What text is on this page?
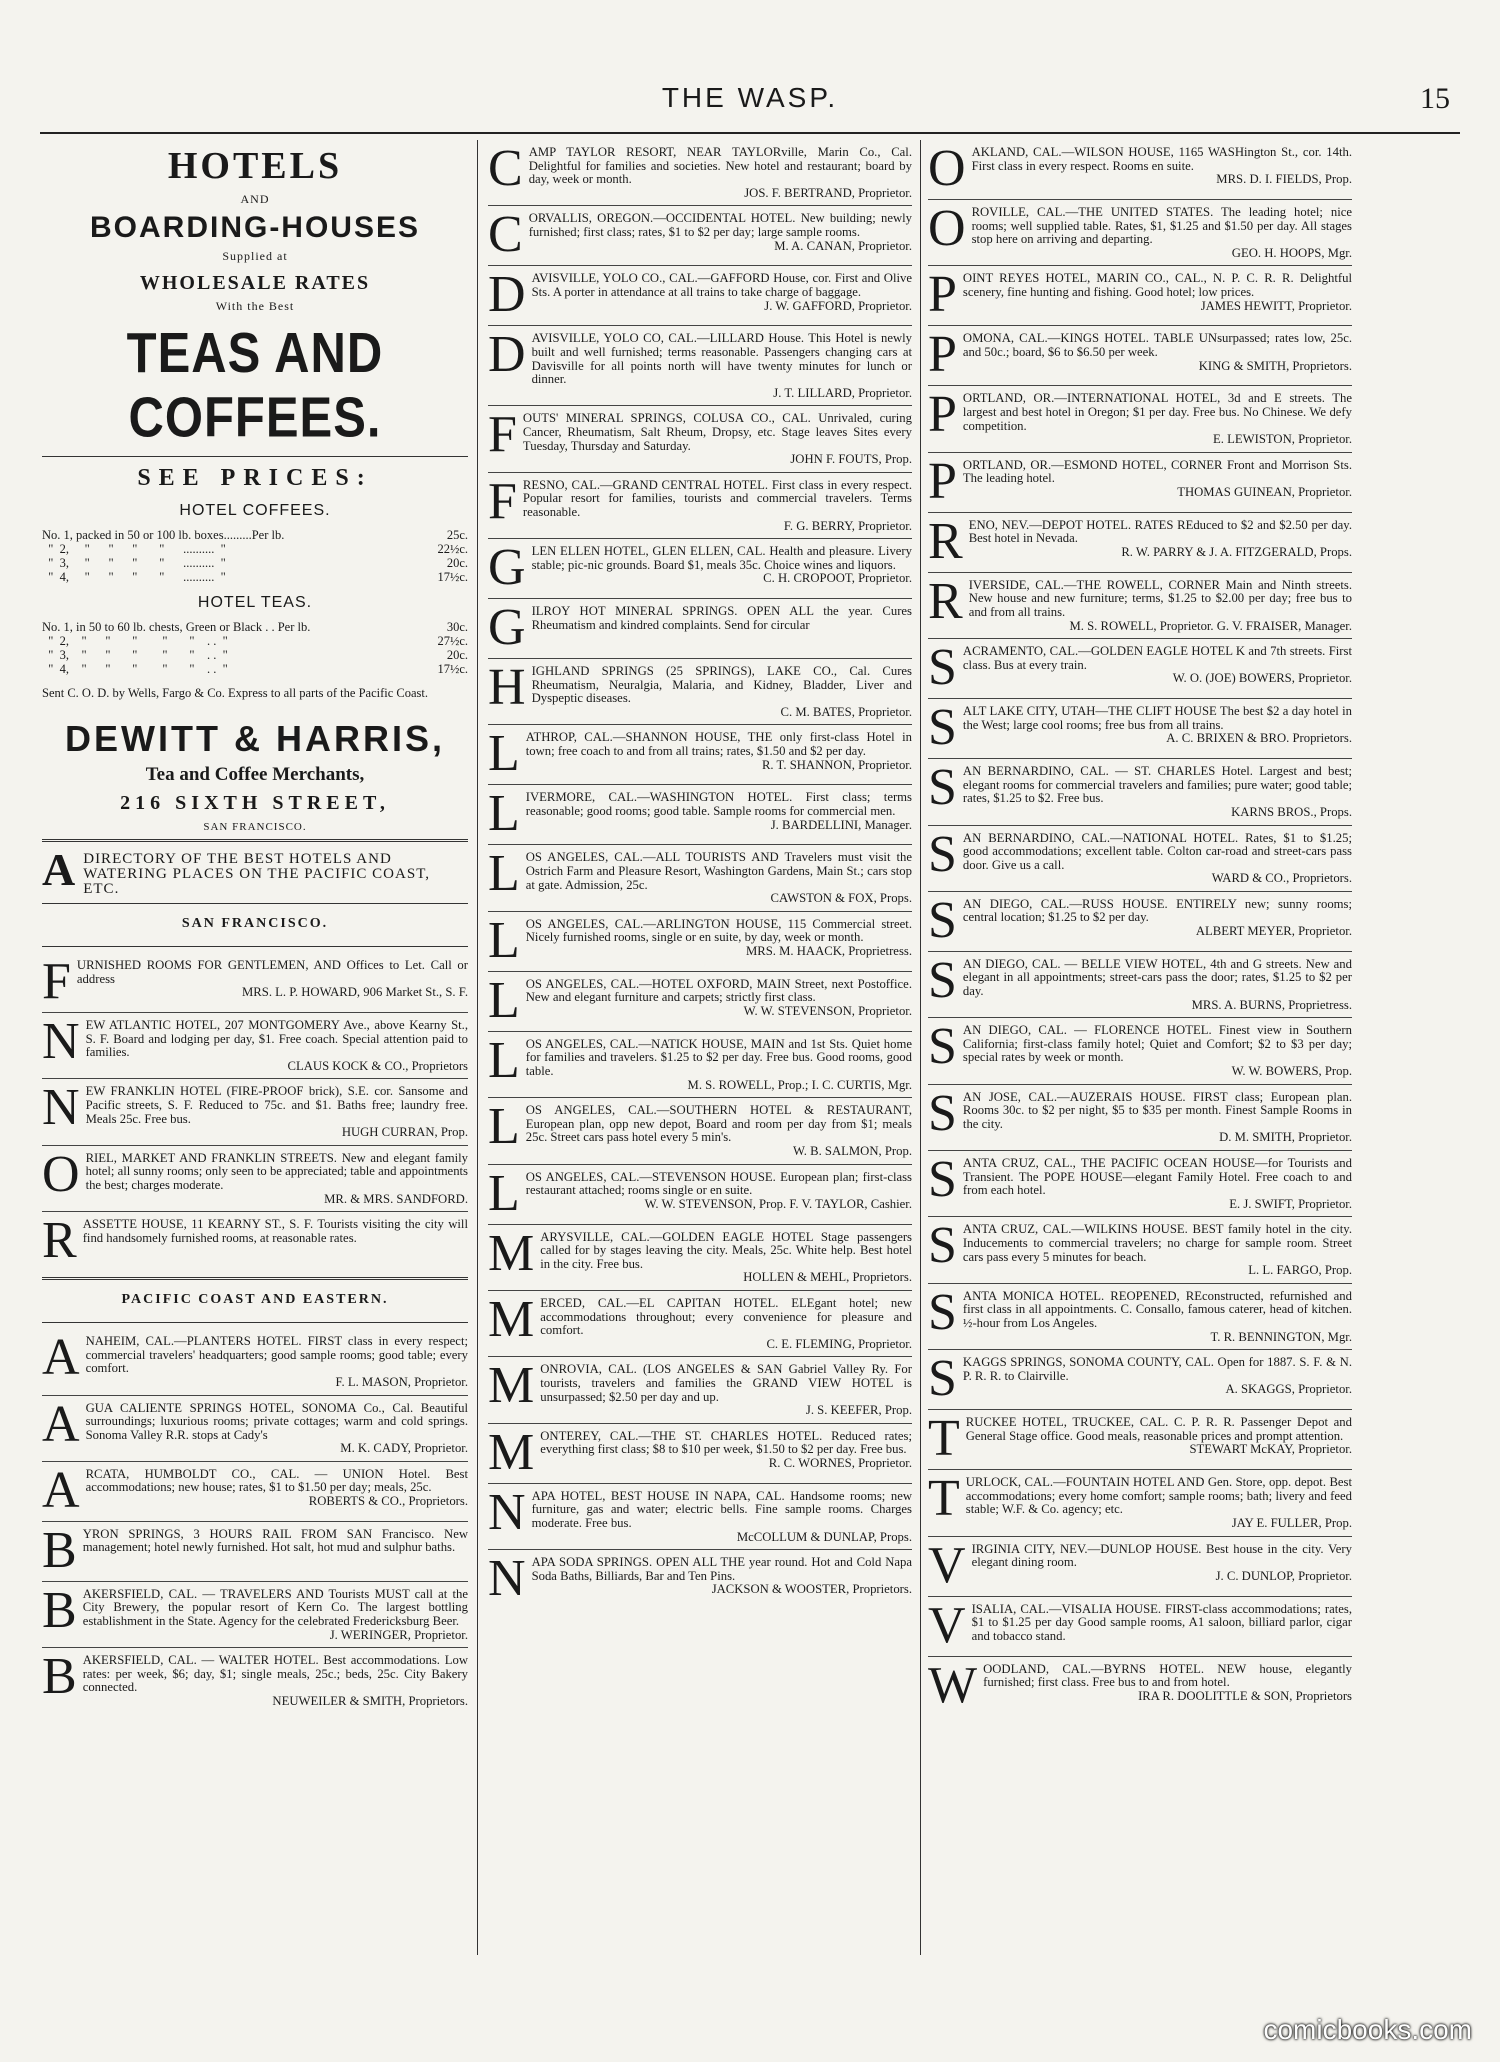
THE WASP.	15
HOTELS
AND
BOARDING-HOUSES
Supplied at
WHOLESALE RATES
With the Best
TEAS AND COFFEES.
SEE PRICES:
HOTEL COFFEES.
No. 1, packed in 50 or 100 lb. boxes.........Per lb.	25c.
"  2,     "      "      "       "      ..........  "	22½c.
"  3,     "      "      "       "      ..........  "	20c.
"  4,     "      "      "       "      ..........  "	17½c.
HOTEL TEAS.
No. 1, in 50 to 60 lb. chests, Green or Black . . Per lb.	30c.
"  2,    "      "       "        "       "    . .  "	27½c.
"  3,    "      "       "        "       "    . .  "	20c.
"  4,    "      "       "        "       "    . .  "	17½c.
Sent C. O. D. by Wells, Fargo & Co. Express to all parts of the Pacific Coast.
DEWITT & HARRIS,
Tea and Coffee Merchants,
216 SIXTH STREET,
SAN FRANCISCO.
A DIRECTORY OF THE BEST HOTELS AND WATERING PLACES ON THE PACIFIC COAST, ETC.
SAN FRANCISCO.
FURNISHED ROOMS FOR GENTLEMEN, AND Offices to Let. Call or address
MRS. L. P. HOWARD, 906 Market St., S. F.
NEW ATLANTIC HOTEL, 207 MONTGOMERY Ave., above Kearny St., S. F. Board and lodging per day, $1. Free coach. Special attention paid to families.
CLAUS KOCK & CO., Proprietors
NEW FRANKLIN HOTEL (FIRE-PROOF brick), S.E. cor. Sansome and Pacific streets, S. F. Reduced to 75c. and $1. Baths free; laundry free. Meals 25c. Free bus.
HUGH CURRAN, Prop.
ORIEL, MARKET AND FRANKLIN STREETS. New and elegant family hotel; all sunny rooms; only seen to be appreciated; table and appointments the best; charges moderate.
MR. & MRS. SANDFORD.
RASSETTE HOUSE, 11 KEARNY ST., S. F. Tourists visiting the city will find handsomely furnished rooms, at reasonable rates.
PACIFIC COAST AND EASTERN.
ANAHEIM, CAL.—PLANTERS HOTEL. FIRST class in every respect; commercial travelers' headquarters; good sample rooms; good table; every comfort.
F. L. MASON, Proprietor.
AGUA CALIENTE SPRINGS HOTEL, SONOMA Co., Cal. Beautiful surroundings; luxurious rooms; private cottages; warm and cold springs. Sonoma Valley R.R. stops at Cady's
M. K. CADY, Proprietor.
ARCATA, HUMBOLDT CO., CAL. — UNION Hotel. Best accommodations; new house; rates, $1 to $1.50 per day; meals, 25c.
ROBERTS & CO., Proprietors.
BYRON SPRINGS, 3 HOURS RAIL FROM SAN Francisco. New management; hotel newly furnished. Hot salt, hot mud and sulphur baths.
BAKERSFIELD, CAL. — TRAVELERS AND Tourists MUST call at the City Brewery, the popular resort of Kern Co. The largest bottling establishment in the State. Agency for the celebrated Fredericksburg Beer.
J. WERINGER, Proprietor.
BAKERSFIELD, CAL. — WALTER HOTEL. Best accommodations. Low rates: per week, $6; day, $1; single meals, 25c.; beds, 25c. City Bakery connected.
NEUWEILER & SMITH, Proprietors.
CAMP TAYLOR RESORT, NEAR TAYLORville, Marin Co., Cal. Delightful for families and societies. New hotel and restaurant; board by day, week or month.
JOS. F. BERTRAND, Proprietor.
CORVALLIS, OREGON.—OCCIDENTAL HOTEL. New building; newly furnished; first class; rates, $1 to $2 per day; large sample rooms.
M. A. CANAN, Proprietor.
DAVISVILLE, YOLO CO., CAL.—GAFFORD House, cor. First and Olive Sts. A porter in attendance at all trains to take charge of baggage.
J. W. GAFFORD, Proprietor.
DAVISVILLE, YOLO CO, CAL.—LILLARD House. This Hotel is newly built and well furnished; terms reasonable. Passengers changing cars at Davisville for all points north will have twenty minutes for lunch or dinner.
J. T. LILLARD, Proprietor.
FOUTS' MINERAL SPRINGS, COLUSA CO., CAL. Unrivaled, curing Cancer, Rheumatism, Salt Rheum, Dropsy, etc. Stage leaves Sites every Tuesday, Thursday and Saturday.
JOHN F. FOUTS, Prop.
FRESNO, CAL.—GRAND CENTRAL HOTEL. First class in every respect. Popular resort for families, tourists and commercial travelers. Terms reasonable.
F. G. BERRY, Proprietor.
GLEN ELLEN HOTEL, GLEN ELLEN, CAL. Health and pleasure. Livery stable; pic-nic grounds. Board $1, meals 35c. Choice wines and liquors.
C. H. CROPOOT, Proprietor.
GILROY HOT MINERAL SPRINGS. OPEN ALL the year. Cures Rheumatism and kindred complaints. Send for circular
HIGHLAND SPRINGS (25 SPRINGS), LAKE CO., Cal. Cures Rheumatism, Neuralgia, Malaria, and Kidney, Bladder, Liver and Dyspeptic diseases.
C. M. BATES, Proprietor.
LATHROP, CAL.—SHANNON HOUSE, THE only first-class Hotel in town; free coach to and from all trains; rates, $1.50 and $2 per day.
R. T. SHANNON, Proprietor.
LIVERMORE, CAL.—WASHINGTON HOTEL. First class; terms reasonable; good rooms; good table. Sample rooms for commercial men.
J. BARDELLINI, Manager.
LOS ANGELES, CAL.—ALL TOURISTS AND Travelers must visit the Ostrich Farm and Pleasure Resort, Washington Gardens, Main St.; cars stop at gate. Admission, 25c.
CAWSTON & FOX, Props.
LOS ANGELES, CAL.—ARLINGTON HOUSE, 115 Commercial street. Nicely furnished rooms, single or en suite, by day, week or month.
MRS. M. HAACK, Proprietress.
LOS ANGELES, CAL.—HOTEL OXFORD, MAIN Street, next Postoffice. New and elegant furniture and carpets; strictly first class.
W. W. STEVENSON, Proprietor.
LOS ANGELES, CAL.—NATICK HOUSE, MAIN and 1st Sts. Quiet home for families and travelers. $1.25 to $2 per day. Free bus. Good rooms, good table.
M. S. ROWELL, Prop.; I. C. CURTIS, Mgr.
LOS ANGELES, CAL.—SOUTHERN HOTEL & RESTAURANT, European plan, opp new depot, Board and room per day from $1; meals 25c. Street cars pass hotel every 5 min's.
W. B. SALMON, Prop.
LOS ANGELES, CAL.—STEVENSON HOUSE. European plan; first-class restaurant attached; rooms single or en suite.
W. W. STEVENSON, Prop. F. V. TAYLOR, Cashier.
MARYSVILLE, CAL.—GOLDEN EAGLE HOTEL Stage passengers called for by stages leaving the city. Meals, 25c. White help. Best hotel in the city. Free bus.
HOLLEN & MEHL, Proprietors.
MERCED, CAL.—EL CAPITAN HOTEL. ELEgant hotel; new accommodations throughout; every convenience for pleasure and comfort.
C. E. FLEMING, Proprietor.
MONROVIA, CAL. (LOS ANGELES & SAN Gabriel Valley Ry. For tourists, travelers and families the GRAND VIEW HOTEL is unsurpassed; $2.50 per day and up.
J. S. KEEFER, Prop.
MONTEREY, CAL.—THE ST. CHARLES HOTEL. Reduced rates; everything first class; $8 to $10 per week, $1.50 to $2 per day. Free bus.
R. C. WORNES, Proprietor.
NAPA HOTEL, BEST HOUSE IN NAPA, CAL. Handsome rooms; new furniture, gas and water; electric bells. Fine sample rooms. Charges moderate. Free bus.
McCOLLUM & DUNLAP, Props.
NAPA SODA SPRINGS. OPEN ALL THE year round. Hot and Cold Napa Soda Baths, Billiards, Bar and Ten Pins.
JACKSON & WOOSTER, Proprietors.
OAKLAND, CAL.—WILSON HOUSE, 1165 WASHington St., cor. 14th. First class in every respect. Rooms en suite.
MRS. D. I. FIELDS, Prop.
OROVILLE, CAL.—THE UNITED STATES. The leading hotel; nice rooms; well supplied table. Rates, $1, $1.25 and $1.50 per day. All stages stop here on arriving and departing.
GEO. H. HOOPS, Mgr.
POINT REYES HOTEL, MARIN CO., CAL., N. P. C. R. R. Delightful scenery, fine hunting and fishing. Good hotel; low prices.
JAMES HEWITT, Proprietor.
POMONA, CAL.—KINGS HOTEL. TABLE UNsurpassed; rates low, 25c. and 50c.; board, $6 to $6.50 per week.
KING & SMITH, Proprietors.
PORTLAND, OR.—INTERNATIONAL HOTEL, 3d and E streets. The largest and best hotel in Oregon; $1 per day. Free bus. No Chinese. We defy competition.
E. LEWISTON, Proprietor.
PORTLAND, OR.—ESMOND HOTEL, CORNER Front and Morrison Sts. The leading hotel.
THOMAS GUINEAN, Proprietor.
RENO, NEV.—DEPOT HOTEL. RATES REduced to $2 and $2.50 per day. Best hotel in Nevada.
R. W. PARRY & J. A. FITZGERALD, Props.
RIVERSIDE, CAL.—THE ROWELL, CORNER Main and Ninth streets. New house and new furniture; terms, $1.25 to $2.00 per day; free bus to and from all trains.
M. S. ROWELL, Proprietor. G. V. FRAISER, Manager.
SACRAMENTO, CAL.—GOLDEN EAGLE HOTEL K and 7th streets. First class. Bus at every train.
W. O. (JOE) BOWERS, Proprietor.
SALT LAKE CITY, UTAH—THE CLIFT HOUSE The best $2 a day hotel in the West; large cool rooms; free bus from all trains.
A. C. BRIXEN & BRO. Proprietors.
SAN BERNARDINO, CAL. — ST. CHARLES Hotel. Largest and best; elegant rooms for commercial travelers and families; pure water; good table; rates, $1.25 to $2. Free bus.
KARNS BROS., Props.
SAN BERNARDINO, CAL.—NATIONAL HOTEL. Rates, $1 to $1.25; good accommodations; excellent table. Colton car-road and street-cars pass door. Give us a call.
WARD & CO., Proprietors.
SAN DIEGO, CAL.—RUSS HOUSE. ENTIRELY new; sunny rooms; central location; $1.25 to $2 per day.
ALBERT MEYER, Proprietor.
SAN DIEGO, CAL. — BELLE VIEW HOTEL, 4th and G streets. New and elegant in all appointments; street-cars pass the door; rates, $1.25 to $2 per day.
MRS. A. BURNS, Proprietress.
SAN DIEGO, CAL. — FLORENCE HOTEL. Finest view in Southern California; first-class family hotel; Quiet and Comfort; $2 to $3 per day; special rates by week or month.
W. W. BOWERS, Prop.
SAN JOSE, CAL.—AUZERAIS HOUSE. FIRST class; European plan. Rooms 30c. to $2 per night, $5 to $35 per month. Finest Sample Rooms in the city.
D. M. SMITH, Proprietor.
SANTA CRUZ, CAL., THE PACIFIC OCEAN HOUSE—for Tourists and Transient. The POPE HOUSE—elegant Family Hotel. Free coach to and from each hotel.
E. J. SWIFT, Proprietor.
SANTA CRUZ, CAL.—WILKINS HOUSE. BEST family hotel in the city. Inducements to commercial travelers; no charge for sample room. Street cars pass every 5 minutes for beach.
L. L. FARGO, Prop.
SANTA MONICA HOTEL. REOPENED, REconstructed, refurnished and first class in all appointments. C. Consallo, famous caterer, head of kitchen. ½-hour from Los Angeles.
T. R. BENNINGTON, Mgr.
SKAGGS SPRINGS, SONOMA COUNTY, CAL. Open for 1887. S. F. & N. P. R. R. to Clairville.
A. SKAGGS, Proprietor.
TRUCKEE HOTEL, TRUCKEE, CAL. C. P. R. R. Passenger Depot and General Stage office. Good meals, reasonable prices and prompt attention.
STEWART McKAY, Proprietor.
TURLOCK, CAL.—FOUNTAIN HOTEL AND Gen. Store, opp. depot. Best accommodations; every home comfort; sample rooms; bath; livery and feed stable; W.F. & Co. agency; etc.
JAY E. FULLER, Prop.
VIRGINIA CITY, NEV.—DUNLOP HOUSE. Best house in the city. Very elegant dining room.
J. C. DUNLOP, Proprietor.
VISALIA, CAL.—VISALIA HOUSE. FIRST-class accommodations; rates, $1 to $1.25 per day Good sample rooms, A1 saloon, billiard parlor, cigar and tobacco stand.
WOODLAND, CAL.—BYRNS HOTEL. NEW house, elegantly furnished; first class. Free bus to and from hotel.
IRA R. DOOLITTLE & SON, Proprietors
comicbooks.com
